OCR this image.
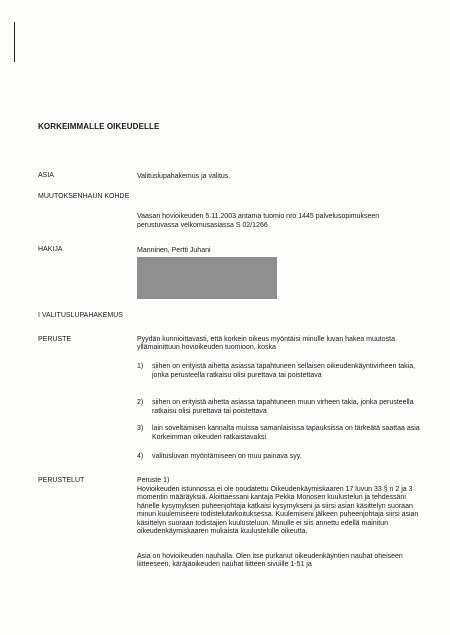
KORKEIMMALLE OIKEUDELLE
ASIA	Valituslupahakemus ja valitus.
MUUTOKSENHAUN KOHDE
Vaasan hovioikeuden 5.11.2003 antama tuomio nro 1445 palvelusopimukseen perustuvassa velkomusasiassa S 02/1266
HAKIJA	Manninen, Pertti Juhani
I VALITUSLUPAHAKEMUS
PERUSTE	Pyydän kunnioittavasti, että korkein oikeus myöntäisi minulle luvan hakea muutosta yllämainittuun hovioikeuden tuomioon, koska
1) siihen on erityistä aihetta asiassa tapahtuneen sellaisen oikeudenkäyntivirheen takia, jonka perusteella ratkaisu olisi purettava tai poistettava
2) siihen on erityistä aihetta asiassa tapahtuneen muun virheen takia, jonka perusteella ratkaisu olisi purettava tai poistettava
3) lain soveltamisen kannalta muissa samanlaisissa tapauksissa on tärkeätä saattaa asia Korkeimman oikeuden ratkaistavaksi
4) valitusluvan myöntämiseen on muu painava syy.
PERUSTELUT	Peruste 1)
Hovioikeuden istunnossa ei ole noudatettu Oikeudenkäymiskaaren 17 luvun 33 § n 2 ja 3 momentin määräyksiä. Aloittaessani kantaja Pekka Monosen kuulustelun ja tehdessäni hänelle kysymyksen puheenjohtaja katkaisi kysymykseni ja siirsi asian käsittelyn suoraan minun kuulemiseeni todistelutarkoituksessa. Kuulemiseni jälkeen puheenjohtaja siirsi asian käsittelyn suoraan todistajien kuulusteluun. Minulle ei siis annettu edellä mainitun oikeudenkäymiskaaren mukaista kuulustelulle oikeutta.
Asia on hovioikeuden nauhalla. Olen itse purkanut oikeudenkäyntien nauhat oheiseen liitteeseen, käräjäoikeuden nauhat liitteen sivuille 1-51 ja
